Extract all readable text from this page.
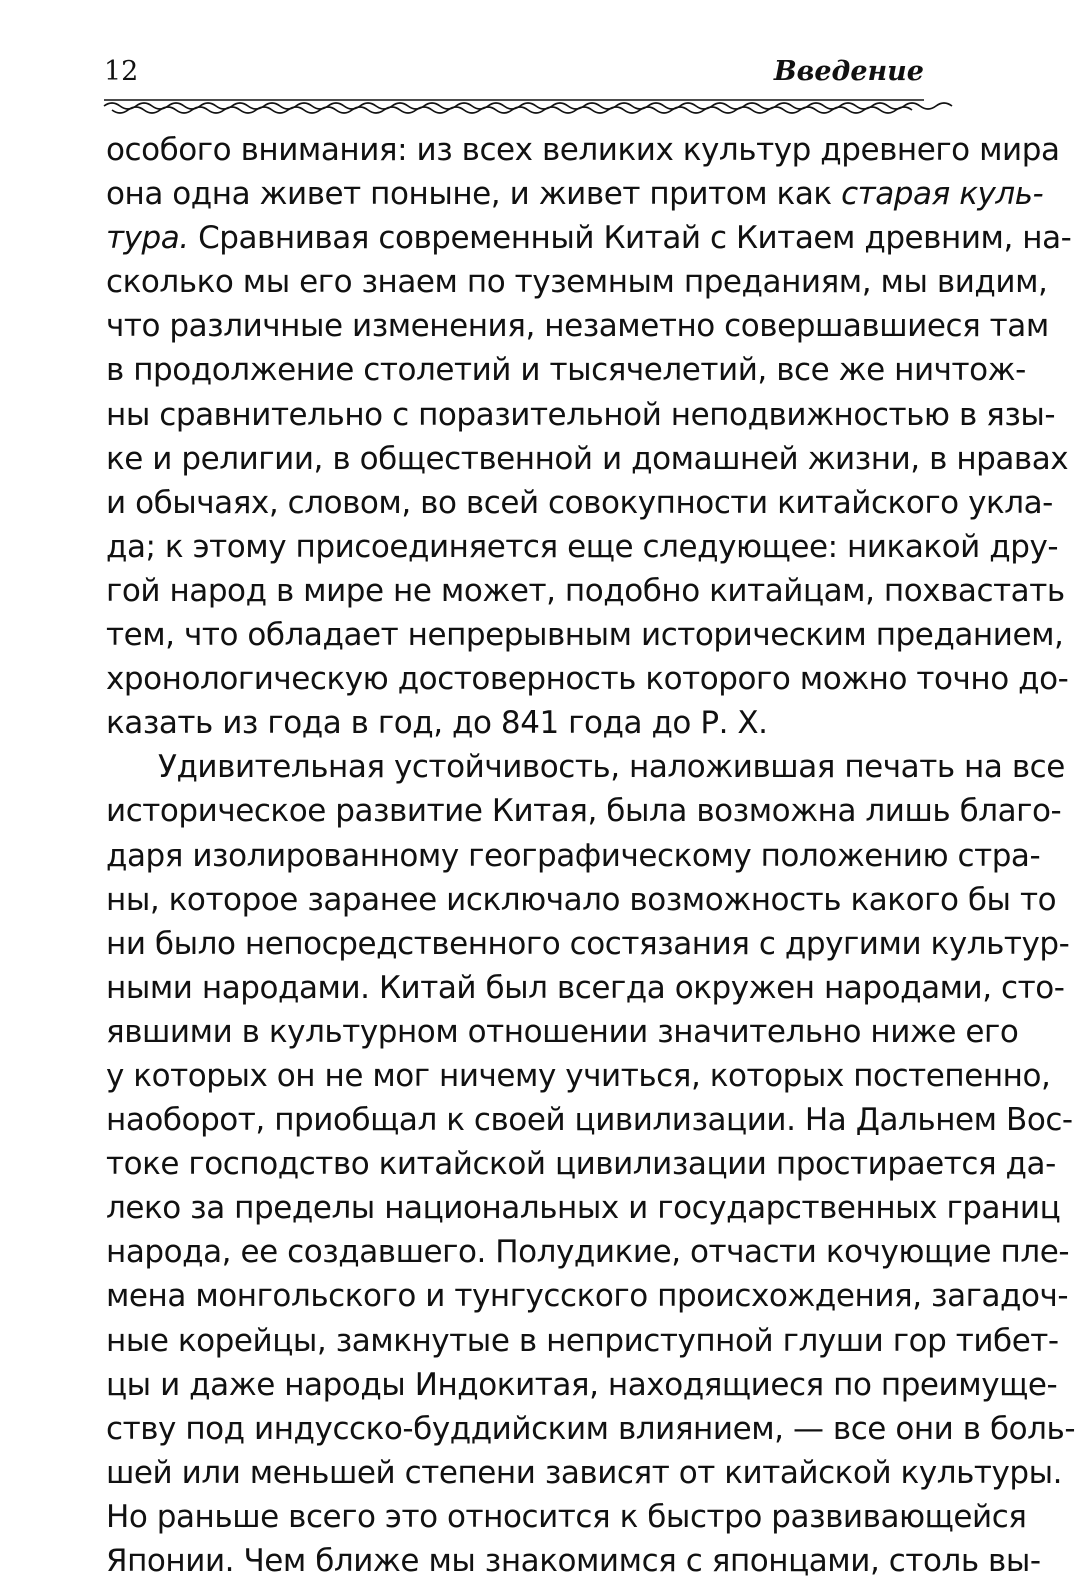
12	Введение

особого внимания: из всех великих культур древнего мира
она одна живет поныне, и живет притом как старая куль-
тура. Сравнивая современный Китай с Китаем древним, на-
сколько мы его знаем по туземным преданиям, мы видим,
что различные изменения, незаметно совершавшиеся там
в продолжение столетий и тысячелетий, все же ничтож-
ны сравнительно с поразительной неподвижностью в язы-
ке и религии, в общественной и домашней жизни, в нравах
и обычаях, словом, во всей совокупности китайского укла-
да; к этому присоединяется еще следующее: никакой дру-
гой народ в мире не может, подобно китайцам, похвастать
тем, что обладает непрерывным историческим преданием,
хронологическую достоверность которого можно точно до-
казать из года в год, до 841 года до Р. Х.

Удивительная устойчивость, наложившая печать на все
историческое развитие Китая, была возможна лишь благо-
даря изолированному географическому положению стра-
ны, которое заранее исключало возможность какого бы то
ни было непосредственного состязания с другими культур-
ными народами. Китай был всегда окружен народами, сто-
явшими в культурном отношении значительно ниже его
у которых он не мог ничему учиться, которых постепенно,
наоборот, приобщал к своей цивилизации. На Дальнем Вос-
токе господство китайской цивилизации простирается да-
леко за пределы национальных и государственных границ
народа, ее создавшего. Полудикие, отчасти кочующие пле-
мена монгольского и тунгусского происхождения, загадоч-
ные корейцы, замкнутые в неприступной глуши гор тибет-
цы и даже народы Индокитая, находящиеся по преимуще-
ству под индусско-буддийским влиянием, — все они в боль-
шей или меньшей степени зависят от китайской культуры.
Но раньше всего это относится к быстро развивающейся
Японии. Чем ближе мы знакомимся с японцами, столь вы-
